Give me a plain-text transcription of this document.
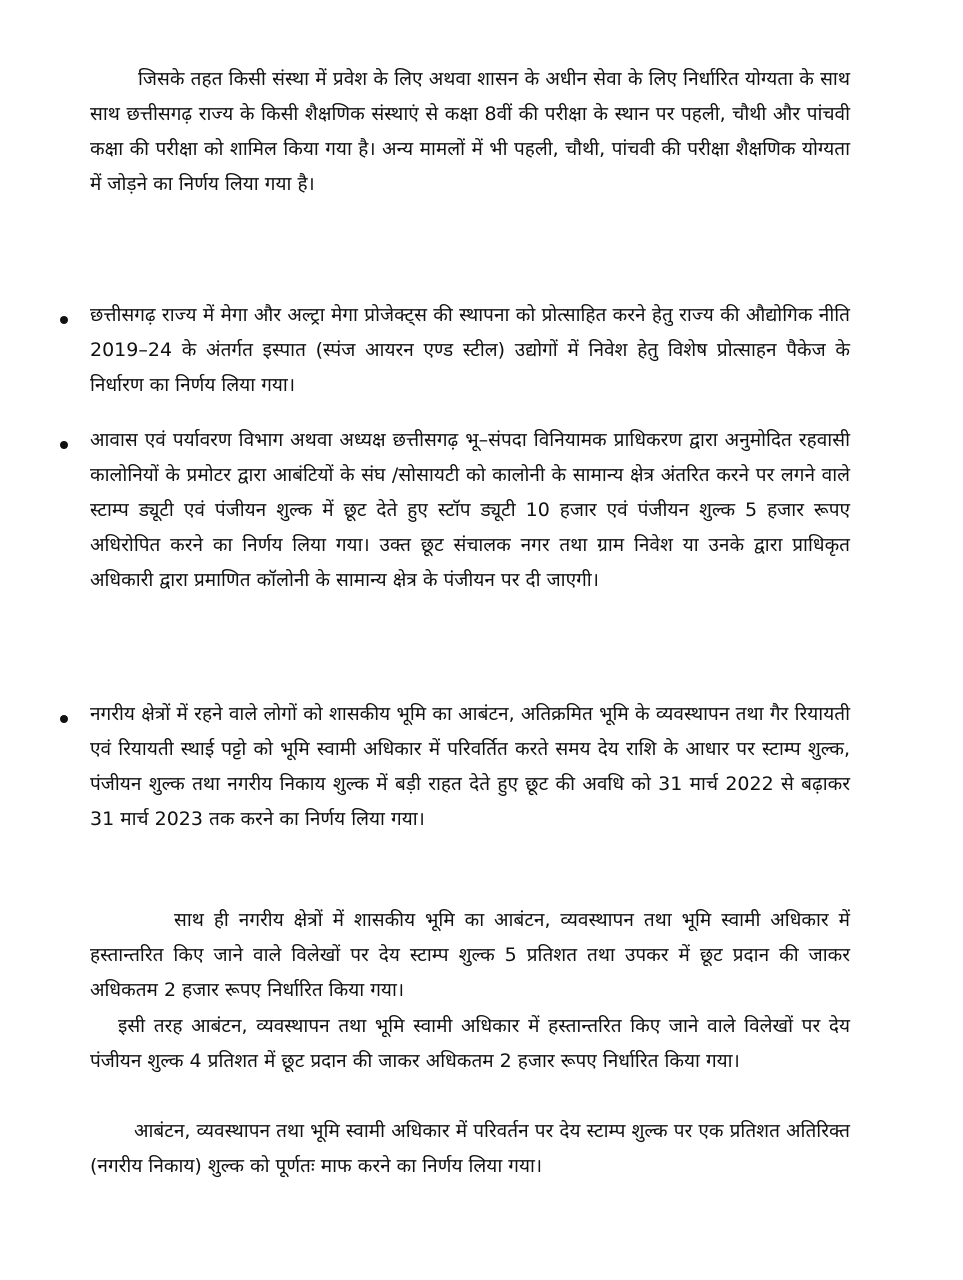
जिसके तहत किसी संस्था में प्रवेश के लिए अथवा शासन के अधीन सेवा के लिए निर्धारित योग्यता के साथ साथ छत्तीसगढ़ राज्य के किसी शैक्षणिक संस्थाएं से कक्षा 8वीं की परीक्षा के स्थान पर पहली, चौथी और पांचवी कक्षा की परीक्षा को शामिल किया गया है। अन्य मामलों में भी पहली, चौथी, पांचवी की परीक्षा शैक्षणिक योग्यता में जोड़ने का निर्णय लिया गया है।

छत्तीसगढ़ राज्य में मेगा और अल्ट्रा मेगा प्रोजेक्ट्स की स्थापना को प्रोत्साहित करने हेतु राज्य की औद्योगिक नीति 2019–24 के अंतर्गत इस्पात (स्पंज आयरन एण्ड स्टील) उद्योगों में निवेश हेतु विशेष प्रोत्साहन पैकेज के निर्धारण का निर्णय लिया गया।

आवास एवं पर्यावरण विभाग अथवा अध्यक्ष छत्तीसगढ़ भू–संपदा विनियामक प्राधिकरण द्वारा अनुमोदित रहवासी कालोनियों के प्रमोटर द्वारा आबंटियों के संघ /सोसायटी को कालोनी के सामान्य क्षेत्र अंतरित करने पर लगने वाले स्टाम्प ड्यूटी एवं पंजीयन शुल्क में छूट देते हुए स्टॉप ड्यूटी 10 हजार एवं पंजीयन शुल्क 5 हजार रूपए अधिरोपित करने का निर्णय लिया गया। उक्त छूट संचालक नगर तथा ग्राम निवेश या उनके द्वारा प्राधिकृत अधिकारी द्वारा प्रमाणित कॉलोनी के सामान्य क्षेत्र के पंजीयन पर दी जाएगी।

नगरीय क्षेत्रों में रहने वाले लोगों को शासकीय भूमि का आबंटन, अतिक्रमित भूमि के व्यवस्थापन तथा गैर रियायती एवं रियायती स्थाई पट्टो को भूमि स्वामी अधिकार में परिवर्तित करते समय देय राशि के आधार पर स्टाम्प शुल्क, पंजीयन शुल्क तथा नगरीय निकाय शुल्क में बड़ी राहत देते हुए छूट की अवधि को 31 मार्च 2022 से बढ़ाकर 31 मार्च 2023 तक करने का निर्णय लिया गया।

साथ ही नगरीय क्षेत्रों में शासकीय भूमि का आबंटन, व्यवस्थापन तथा भूमि स्वामी अधिकार में हस्तान्तरित किए जाने वाले विलेखों पर देय स्टाम्प शुल्क 5 प्रतिशत तथा उपकर में छूट प्रदान की जाकर अधिकतम 2 हजार रूपए निर्धारित किया गया।

इसी तरह आबंटन, व्यवस्थापन तथा भूमि स्वामी अधिकार में हस्तान्तरित किए जाने वाले विलेखों पर देय पंजीयन शुल्क 4 प्रतिशत में छूट प्रदान की जाकर अधिकतम 2 हजार रूपए निर्धारित किया गया।

आबंटन, व्यवस्थापन तथा भूमि स्वामी अधिकार में परिवर्तन पर देय स्टाम्प शुल्क पर एक प्रतिशत अतिरिक्त (नगरीय निकाय) शुल्क को पूर्णतः माफ करने का निर्णय लिया गया।
